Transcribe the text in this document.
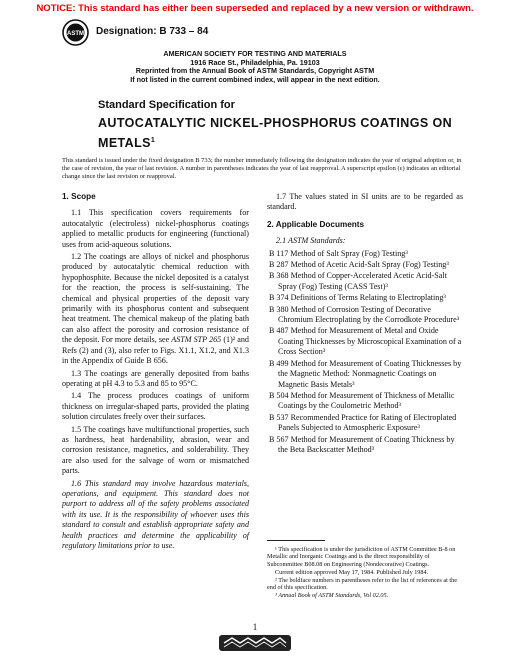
NOTICE: This standard has either been superseded and replaced by a new version or withdrawn.
ASTM Designation: B 733 – 84
AMERICAN SOCIETY FOR TESTING AND MATERIALS
1916 Race St., Philadelphia, Pa. 19103
Reprinted from the Annual Book of ASTM Standards, Copyright ASTM
If not listed in the current combined index, will appear in the next edition.
Standard Specification for
AUTOCATALYTIC NICKEL-PHOSPHORUS COATINGS ON
METALS$^1$
This standard is issued under the fixed designation B 733; the number immediately following the designation indicates the year of original adoption or, in the case of revision, the year of last revision. A number in parentheses indicates the year of last reapproval. A superscript epsilon (ε) indicates an editorial change since the last revision or reapproval.
1. Scope

1.1 This specification covers requirements for autocatalytic (electroless) nickel-phosphorus coatings applied to metallic products for engineering (functional) uses from acid-aqueous solutions.

1.2 The coatings are alloys of nickel and phosphorus produced by autocatalytic chemical reduction with hypophosphite. Because the nickel deposited is a catalyst for the reaction, the process is self-sustaining. The chemical and physical properties of the deposit vary primarily with its phosphorus content and subsequent heat treatment. The chemical makeup of the plating bath can also affect the porosity and corrosion resistance of the deposit. For more details, see ASTM STP 265 (1)² and Refs (2) and (3), also refer to Figs. X1.1, X1.2, and X1.3 in the Appendix of Guide B 656.

1.3 The coatings are generally deposited from baths operating at pH 4.3 to 5.3 and 85 to 95°C.

1.4 The process produces coatings of uniform thickness on irregular-shaped parts, provided the plating solution circulates freely over their surfaces.

1.5 The coatings have multifunctional properties, such as hardness, heat hardenability, abrasion, wear and corrosion resistance, magnetics, and solderability. They are also used for the salvage of worn or mismatched parts.

1.6 This standard may involve hazardous materials, operations, and equipment. This standard does not purport to address all of the safety problems associated with its use. It is the responsibility of whoever uses this standard to consult and establish appropriate safety and health practices and determine the applicability of regulatory limitations prior to use.

1.7 The values stated in SI units are to be regarded as standard.

2. Applicable Documents

2.1 ASTM Standards:

B 117 Method of Salt Spray (Fog) Testing³

B 287 Method of Acetic Acid-Salt Spray (Fog) Testing³

B 368 Method of Copper-Accelerated Acetic Acid-Salt Spray (Fog) Testing (CASS Test)³

B 374 Definitions of Terms Relating to Electroplating³

B 380 Method of Corrosion Testing of Decorative Chromium Electroplating by the Corrodkote Procedure³

B 487 Method for Measurement of Metal and Oxide Coating Thicknesses by Microscopical Examination of a Cross Section³

B 499 Method for Measurement of Coating Thicknesses by the Magnetic Method: Nonmagnetic Coatings on Magnetic Basis Metals³

B 504 Method for Measurement of Thickness of Metallic Coatings by the Coulometric Method³

B 537 Recommended Practice for Rating of Electroplated Panels Subjected to Atmospheric Exposure³

B 567 Method for Measurement of Coating Thickness by the Beta Backscatter Method³

¹ This specification is under the jurisdiction of ASTM Committee B-8 on Metallic and Inorganic Coatings and is the direct responsibility of Subcommittee B08.08 on Engineering (Nondecorative) Coatings.

Current edition approved May 17, 1984. Published July 1984.

² The boldface numbers in parentheses refer to the list of references at the end of this specification.

³ Annual Book of ASTM Standards, Vol 02.05.

1
